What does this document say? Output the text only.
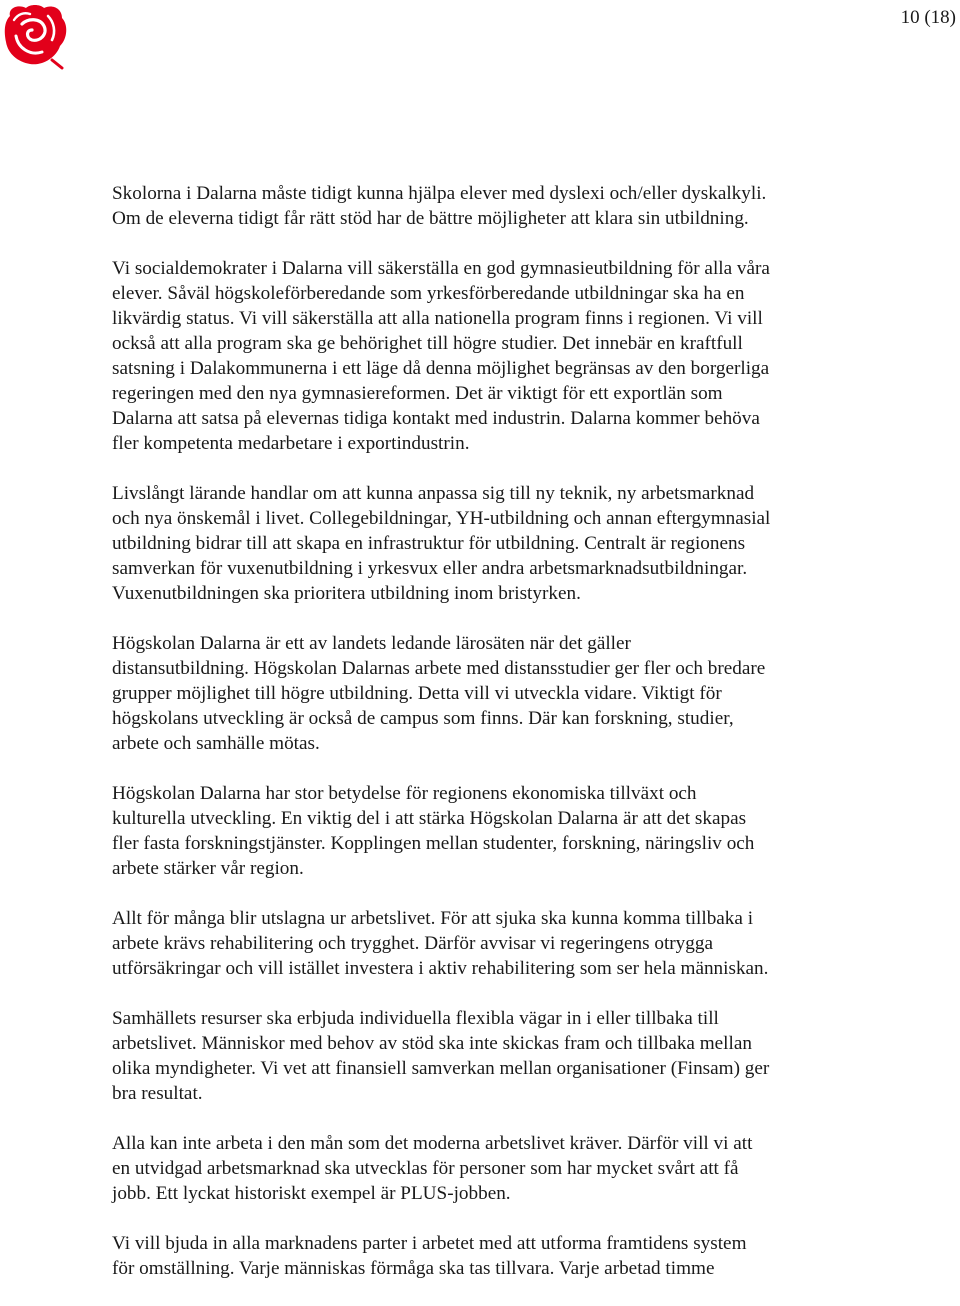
10 (18)

Skolorna i Dalarna måste tidigt kunna hjälpa elever med dyslexi och/eller dyskalkyli.
Om de eleverna tidigt får rätt stöd har de bättre möjligheter att klara sin utbildning.

Vi socialdemokrater i Dalarna vill säkerställa en god gymnasieutbildning för alla våra
elever. Såväl högskoleförberedande som yrkesförberedande utbildningar ska ha en
likvärdig status. Vi vill säkerställa att alla nationella program finns i regionen. Vi vill
också att alla program ska ge behörighet till högre studier. Det innebär en kraftfull
satsning i Dalakommunerna i ett läge då denna möjlighet begränsas av den borgerliga
regeringen med den nya gymnasiereformen. Det är viktigt för ett exportlän som
Dalarna att satsa på elevernas tidiga kontakt med industrin. Dalarna kommer behöva
fler kompetenta medarbetare i exportindustrin.

Livslångt lärande handlar om att kunna anpassa sig till ny teknik, ny arbetsmarknad
och nya önskemål i livet. Collegebildningar, YH-utbildning och annan eftergymnasial
utbildning bidrar till att skapa en infrastruktur för utbildning. Centralt är regionens
samverkan för vuxenutbildning i yrkesvux eller andra arbetsmarknadsutbildningar.
Vuxenutbildningen ska prioritera utbildning inom bristyrken.

Högskolan Dalarna är ett av landets ledande lärosäten när det gäller
distansutbildning. Högskolan Dalarnas arbete med distansstudier ger fler och bredare
grupper möjlighet till högre utbildning. Detta vill vi utveckla vidare. Viktigt för
högskolans utveckling är också de campus som finns. Där kan forskning, studier,
arbete och samhälle mötas.

Högskolan Dalarna har stor betydelse för regionens ekonomiska tillväxt och
kulturella utveckling. En viktig del i att stärka Högskolan Dalarna är att det skapas
fler fasta forskningstjänster. Kopplingen mellan studenter, forskning, näringsliv och
arbete stärker vår region.

Allt för många blir utslagna ur arbetslivet. För att sjuka ska kunna komma tillbaka i
arbete krävs rehabilitering och trygghet. Därför avvisar vi regeringens otrygga
utförsäkringar och vill istället investera i aktiv rehabilitering som ser hela människan.

Samhällets resurser ska erbjuda individuella flexibla vägar in i eller tillbaka till
arbetslivet. Människor med behov av stöd ska inte skickas fram och tillbaka mellan
olika myndigheter. Vi vet att finansiell samverkan mellan organisationer (Finsam) ger
bra resultat.

Alla kan inte arbeta i den mån som det moderna arbetslivet kräver. Därför vill vi att
en utvidgad arbetsmarknad ska utvecklas för personer som har mycket svårt att få
jobb. Ett lyckat historiskt exempel är PLUS-jobben.

Vi vill bjuda in alla marknadens parter i arbetet med att utforma framtidens system
för omställning. Varje människas förmåga ska tas tillvara. Varje arbetad timme
